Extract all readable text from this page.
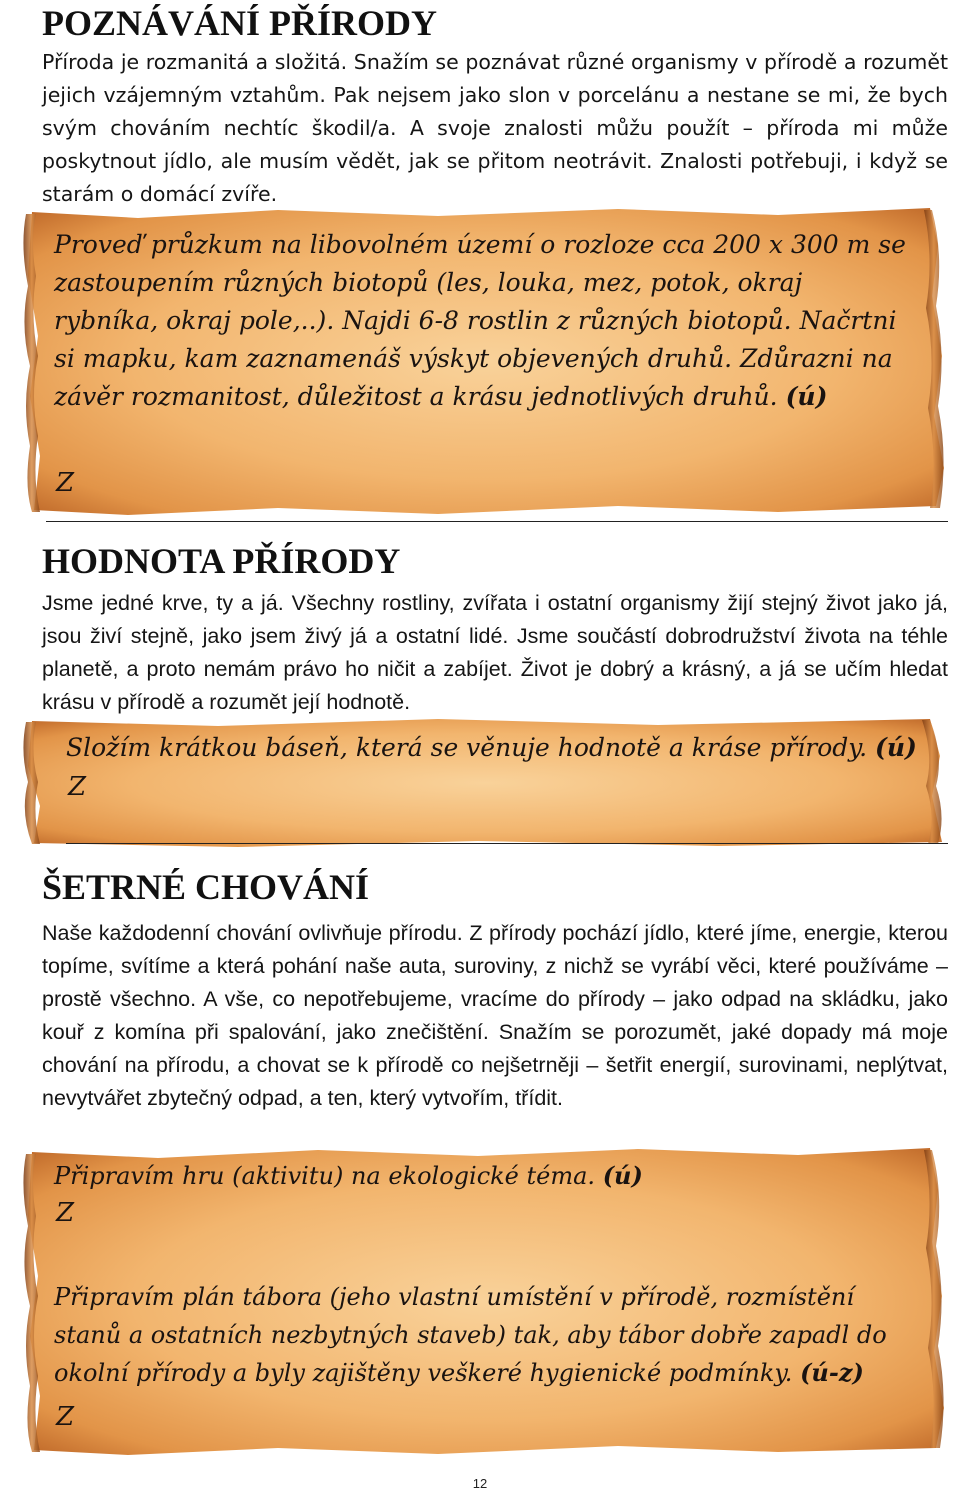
POZNÁVÁNÍ PŘÍRODY

Příroda je rozmanitá a složitá. Snažím se poznávat různé organismy v přírodě a rozumět jejich vzájemným vztahům. Pak nejsem jako slon v porcelánu a nestane se mi, že bych svým chováním nechtíc škodil/a. A svoje znalosti můžu použít – příroda mi může poskytnout jídlo, ale musím vědět, jak se přitom neotrávit. Znalosti potřebuji, i když se starám o domácí zvíře.

Proveď průzkum na libovolném území o rozloze cca 200 x 300 m se zastoupením různých biotopů (les, louka, mez, potok, okraj rybníka, okraj pole,..). Najdi 6-8 rostlin z různých biotopů. Načrtni si mapku, kam zaznamenáš výskyt objevených druhů. Zdůrazni na závěr rozmanitost, důležitost a krásu jednotlivých druhů. (ú)

Z

HODNOTA PŘÍRODY

Jsme jedné krve, ty a já. Všechny rostliny, zvířata i ostatní organismy žijí stejný život jako já, jsou živí stejně, jako jsem živý já a ostatní lidé. Jsme součástí dobrodružství života na téhle planetě, a proto nemám právo ho ničit a zabíjet. Život je dobrý a krásný, a já se učím hledat krásu v přírodě a rozumět její hodnotě.

Složím krátkou báseň, která se věnuje hodnotě a kráse přírody. (ú)

Z

ŠETRNÉ CHOVÁNÍ

Naše každodenní chování ovlivňuje přírodu. Z přírody pochází jídlo, které jíme, energie, kterou topíme, svítíme a která pohání naše auta, suroviny, z nichž se vyrábí věci, které používáme – prostě všechno. A vše, co nepotřebujeme, vracíme do přírody – jako odpad na skládku, jako kouř z komína při spalování, jako znečištění. Snažím se porozumět, jaké dopady má moje chování na přírodu, a chovat se k přírodě co nejšetrněji – šetřit energií, surovinami, neplýtvat, nevytvářet zbytečný odpad, a ten, který vytvořím, třídit.

Připravím hru (aktivitu) na ekologické téma. (ú)

Z

Připravím plán tábora (jeho vlastní umístění v přírodě, rozmístění stanů a ostatních nezbytných staveb) tak, aby tábor dobře zapadl do okolní přírody a byly zajištěny veškeré hygienické podmínky. (ú-z)

Z

12
